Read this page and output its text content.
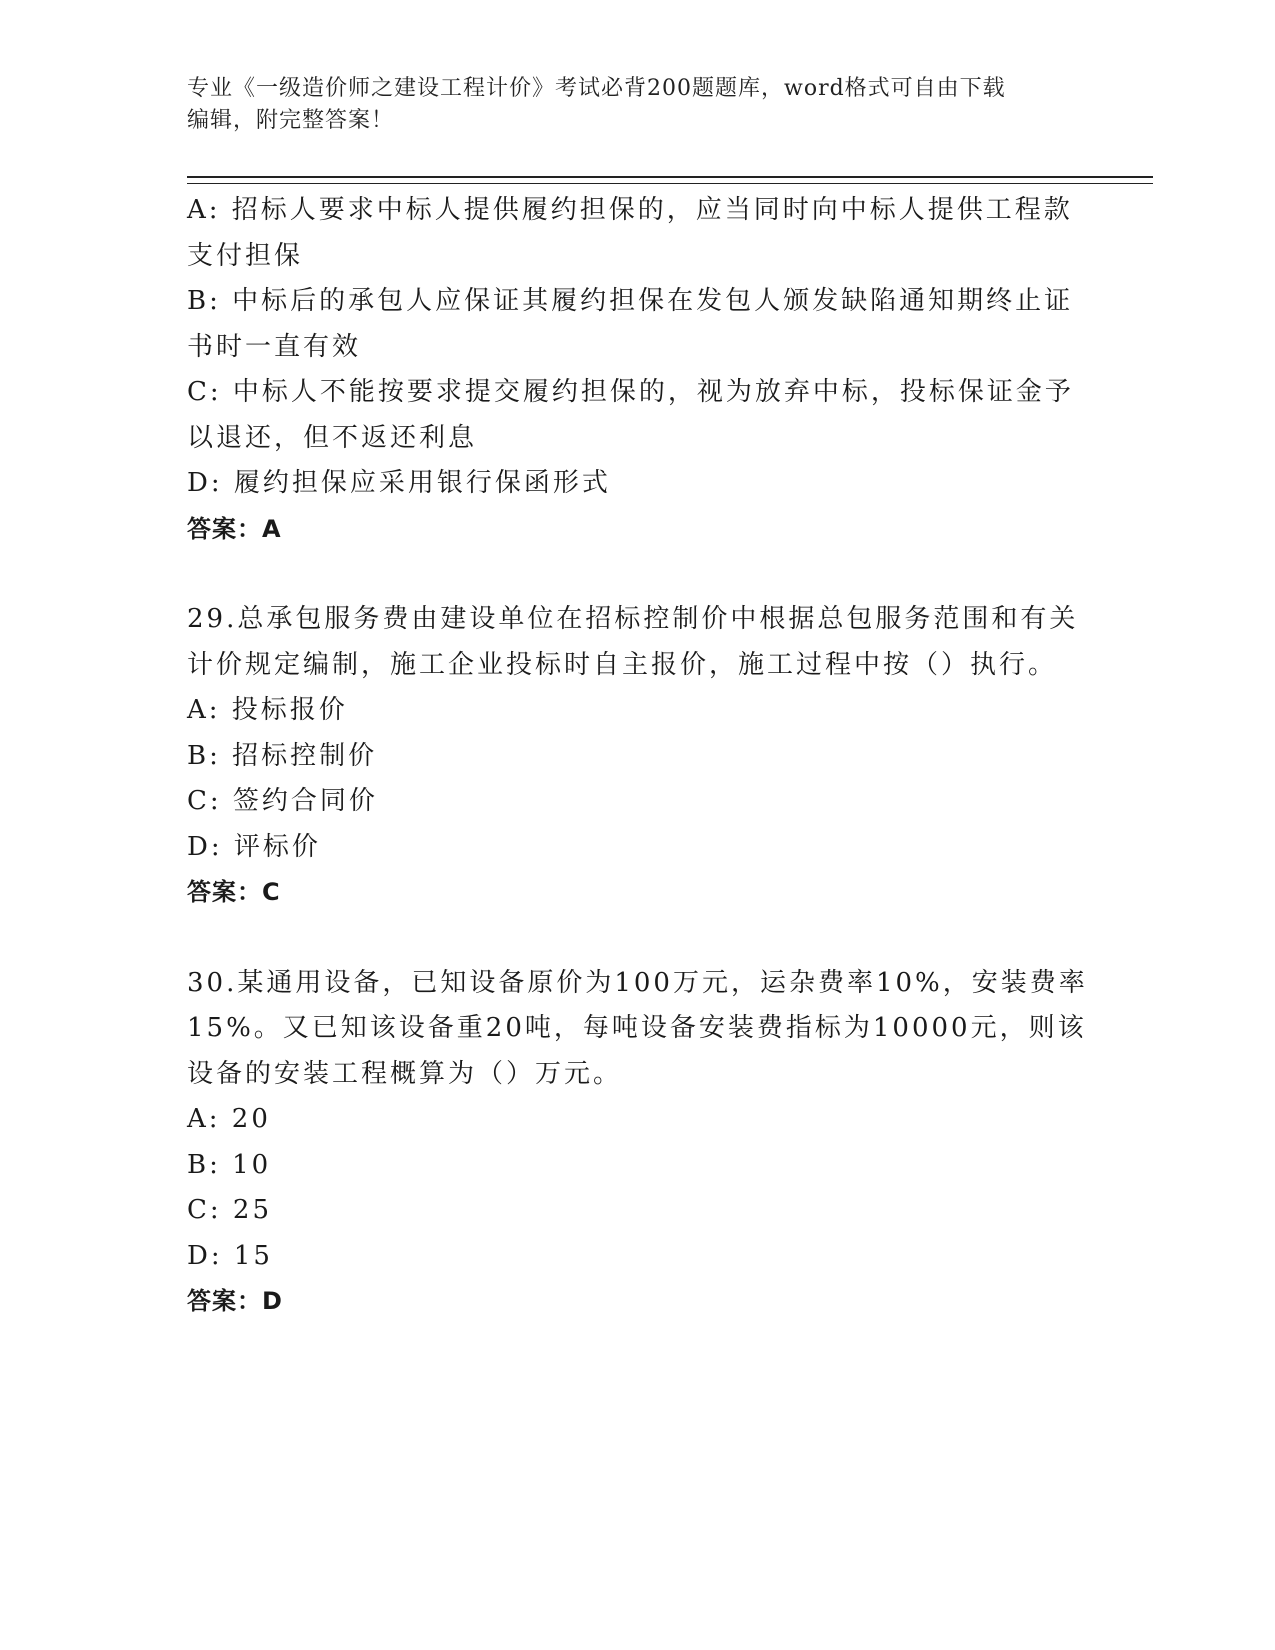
专业《一级造价师之建设工程计价》考试必背200题题库，word格式可自由下载
编辑，附完整答案！
A: 招标人要求中标人提供履约担保的，应当同时向中标人提供工程款
支付担保
B: 中标后的承包人应保证其履约担保在发包人颁发缺陷通知期终止证
书时一直有效
C: 中标人不能按要求提交履约担保的，视为放弃中标，投标保证金予
以退还，但不返还利息
D: 履约担保应采用银行保函形式
答案：A
29.总承包服务费由建设单位在招标控制价中根据总包服务范围和有关
计价规定编制，施工企业投标时自主报价，施工过程中按（）执行。
A: 投标报价
B: 招标控制价
C: 签约合同价
D: 评标价
答案：C
30.某通用设备，已知设备原价为100万元，运杂费率10%，安装费率
15%。又已知该设备重20吨，每吨设备安装费指标为10000元，则该
设备的安装工程概算为（）万元。
A: 20
B: 10
C: 25
D: 15
答案：D
